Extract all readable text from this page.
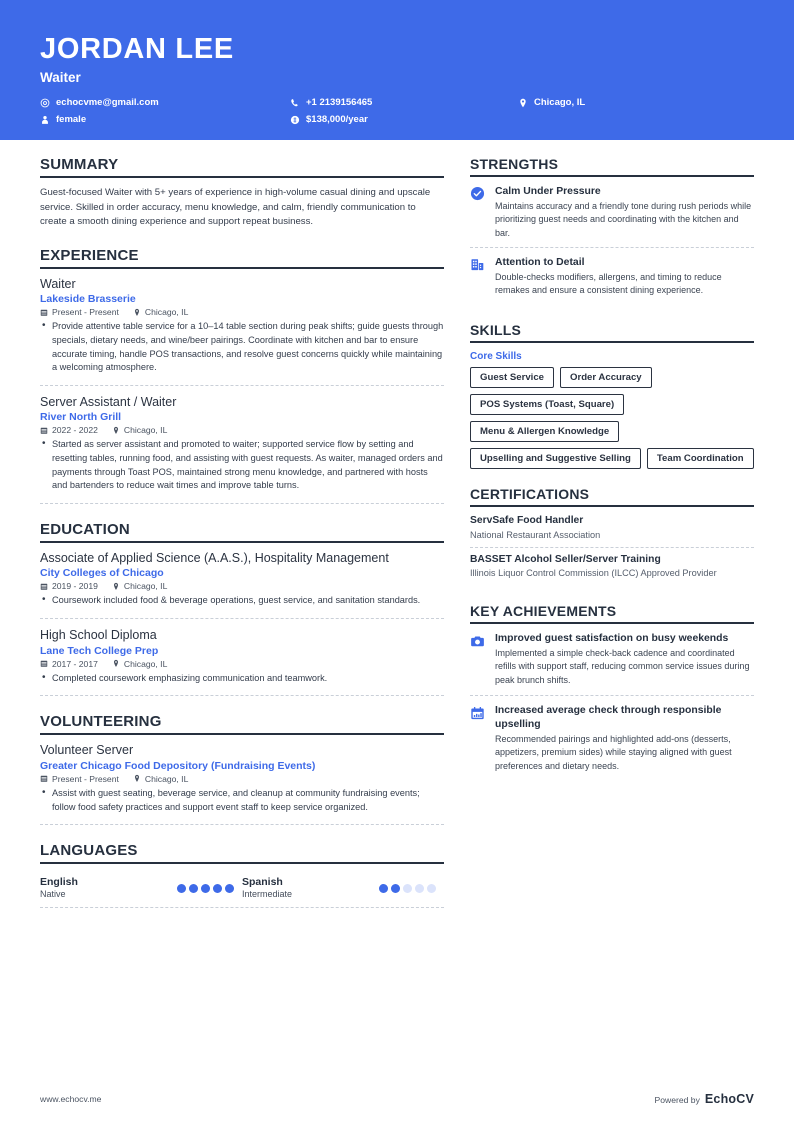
JORDAN LEE
Waiter
echocvme@gmail.com	+1 2139156465	Chicago, IL
female	$138,000/year
SUMMARY
Guest-focused Waiter with 5+ years of experience in high-volume casual dining and upscale service. Skilled in order accuracy, menu knowledge, and calm, friendly communication to create a smooth dining experience and support repeat business.
EXPERIENCE
Waiter
Lakeside Brasserie
Present - Present	Chicago, IL
• Provide attentive table service for a 10–14 table section during peak shifts; guide guests through specials, dietary needs, and wine/beer pairings. Coordinate with kitchen and bar to ensure accurate timing, handle POS transactions, and resolve guest concerns quickly while maintaining a welcoming atmosphere.
Server Assistant / Waiter
River North Grill
2022 - 2022	Chicago, IL
• Started as server assistant and promoted to waiter; supported service flow by setting and resetting tables, running food, and assisting with guest requests. As waiter, managed orders and payments through Toast POS, maintained strong menu knowledge, and partnered with hosts and bartenders to reduce wait times and improve table turns.
EDUCATION
Associate of Applied Science (A.A.S.), Hospitality Management
City Colleges of Chicago
2019 - 2019	Chicago, IL
• Coursework included food & beverage operations, guest service, and sanitation standards.
High School Diploma
Lane Tech College Prep
2017 - 2017	Chicago, IL
• Completed coursework emphasizing communication and teamwork.
VOLUNTEERING
Volunteer Server
Greater Chicago Food Depository (Fundraising Events)
Present - Present	Chicago, IL
• Assist with guest seating, beverage service, and cleanup at community fundraising events; follow food safety practices and support event staff to keep service organized.
LANGUAGES
English
Native
Spanish
Intermediate
STRENGTHS
Calm Under Pressure
Maintains accuracy and a friendly tone during rush periods while prioritizing guest needs and coordinating with the kitchen and bar.
Attention to Detail
Double-checks modifiers, allergens, and timing to reduce remakes and ensure a consistent dining experience.
SKILLS
Core Skills
Guest Service	Order Accuracy
POS Systems (Toast, Square)
Menu & Allergen Knowledge
Upselling and Suggestive Selling	Team Coordination
CERTIFICATIONS
ServSafe Food Handler
National Restaurant Association
BASSET Alcohol Seller/Server Training
Illinois Liquor Control Commission (ILCC) Approved Provider
KEY ACHIEVEMENTS
Improved guest satisfaction on busy weekends
Implemented a simple check-back cadence and coordinated refills with support staff, reducing common service issues during peak brunch shifts.
Increased average check through responsible upselling
Recommended pairings and highlighted add-ons (desserts, appetizers, premium sides) while staying aligned with guest preferences and dietary needs.
www.echocv.me	Powered by EchoCV
